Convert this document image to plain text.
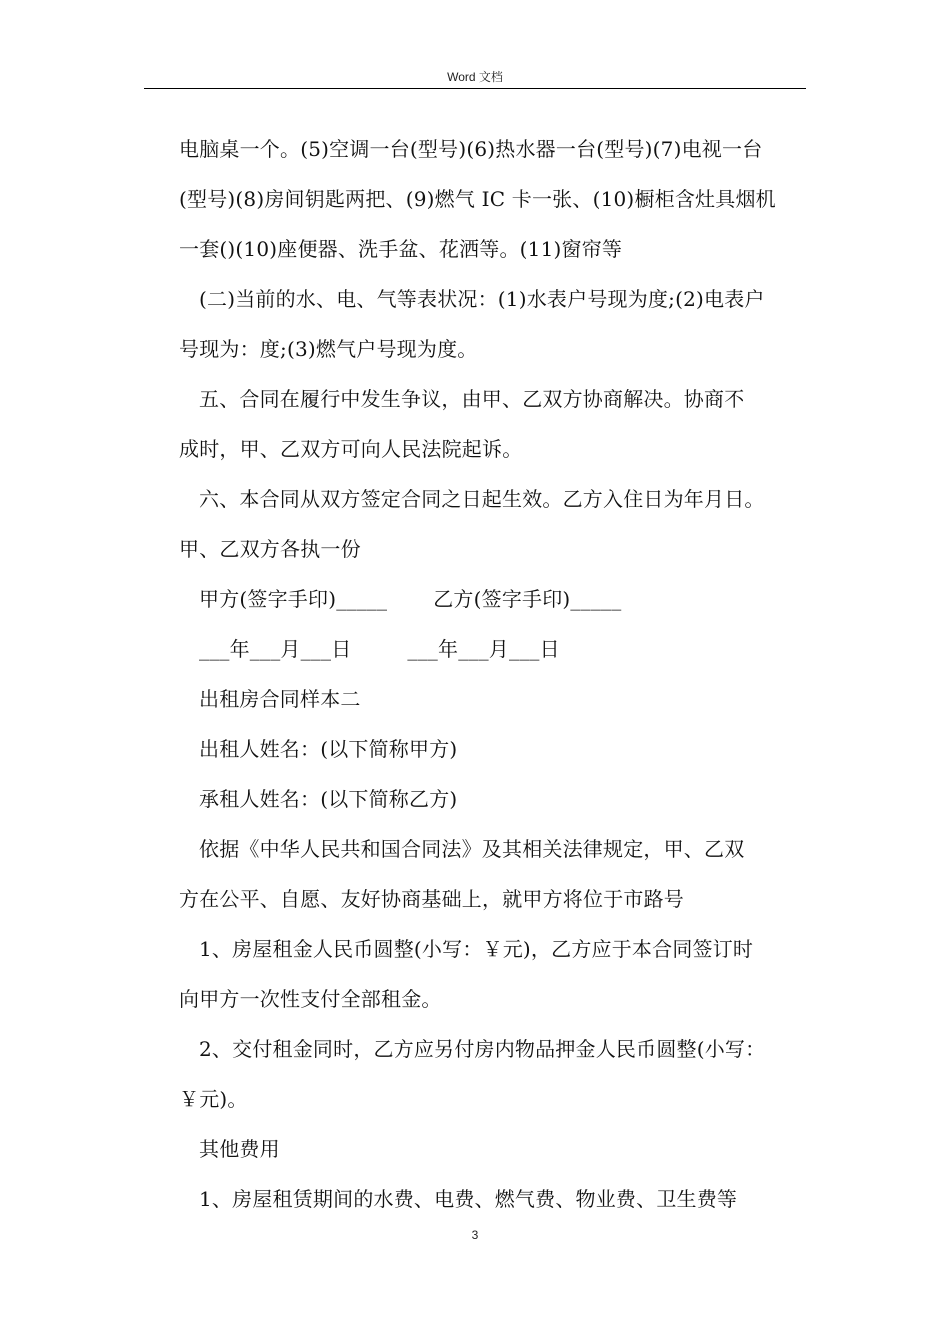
Word 文档
电脑桌一个。(5)空调一台(型号)(6)热水器一台(型号)(7)电视一台
(型号)(8)房间钥匙两把、(9)燃气 IC 卡一张、(10)橱柜含灶具烟机
一套()(10)座便器、洗手盆、花洒等。(11)窗帘等
(二)当前的水、电、气等表状况：(1)水表户号现为度;(2)电表户
号现为：度;(3)燃气户号现为度。
五、合同在履行中发生争议，由甲、乙双方协商解决。协商不
成时，甲、乙双方可向人民法院起诉。
六、本合同从双方签定合同之日起生效。乙方入住日为年月日。
甲、乙双方各执一份
甲方(签字手印)_____ 乙方(签字手印)_____
___年___月___日	___年___月___日
出租房合同样本二
出租人姓名：(以下简称甲方)
承租人姓名：(以下简称乙方)
依据《中华人民共和国合同法》及其相关法律规定，甲、乙双
方在公平、自愿、友好协商基础上，就甲方将位于市路号
1、房屋租金人民币圆整(小写：￥元)，乙方应于本合同签订时
向甲方一次性支付全部租金。
2、交付租金同时，乙方应另付房内物品押金人民币圆整(小写：
￥元)。
其他费用
1、房屋租赁期间的水费、电费、燃气费、物业费、卫生费等
3
